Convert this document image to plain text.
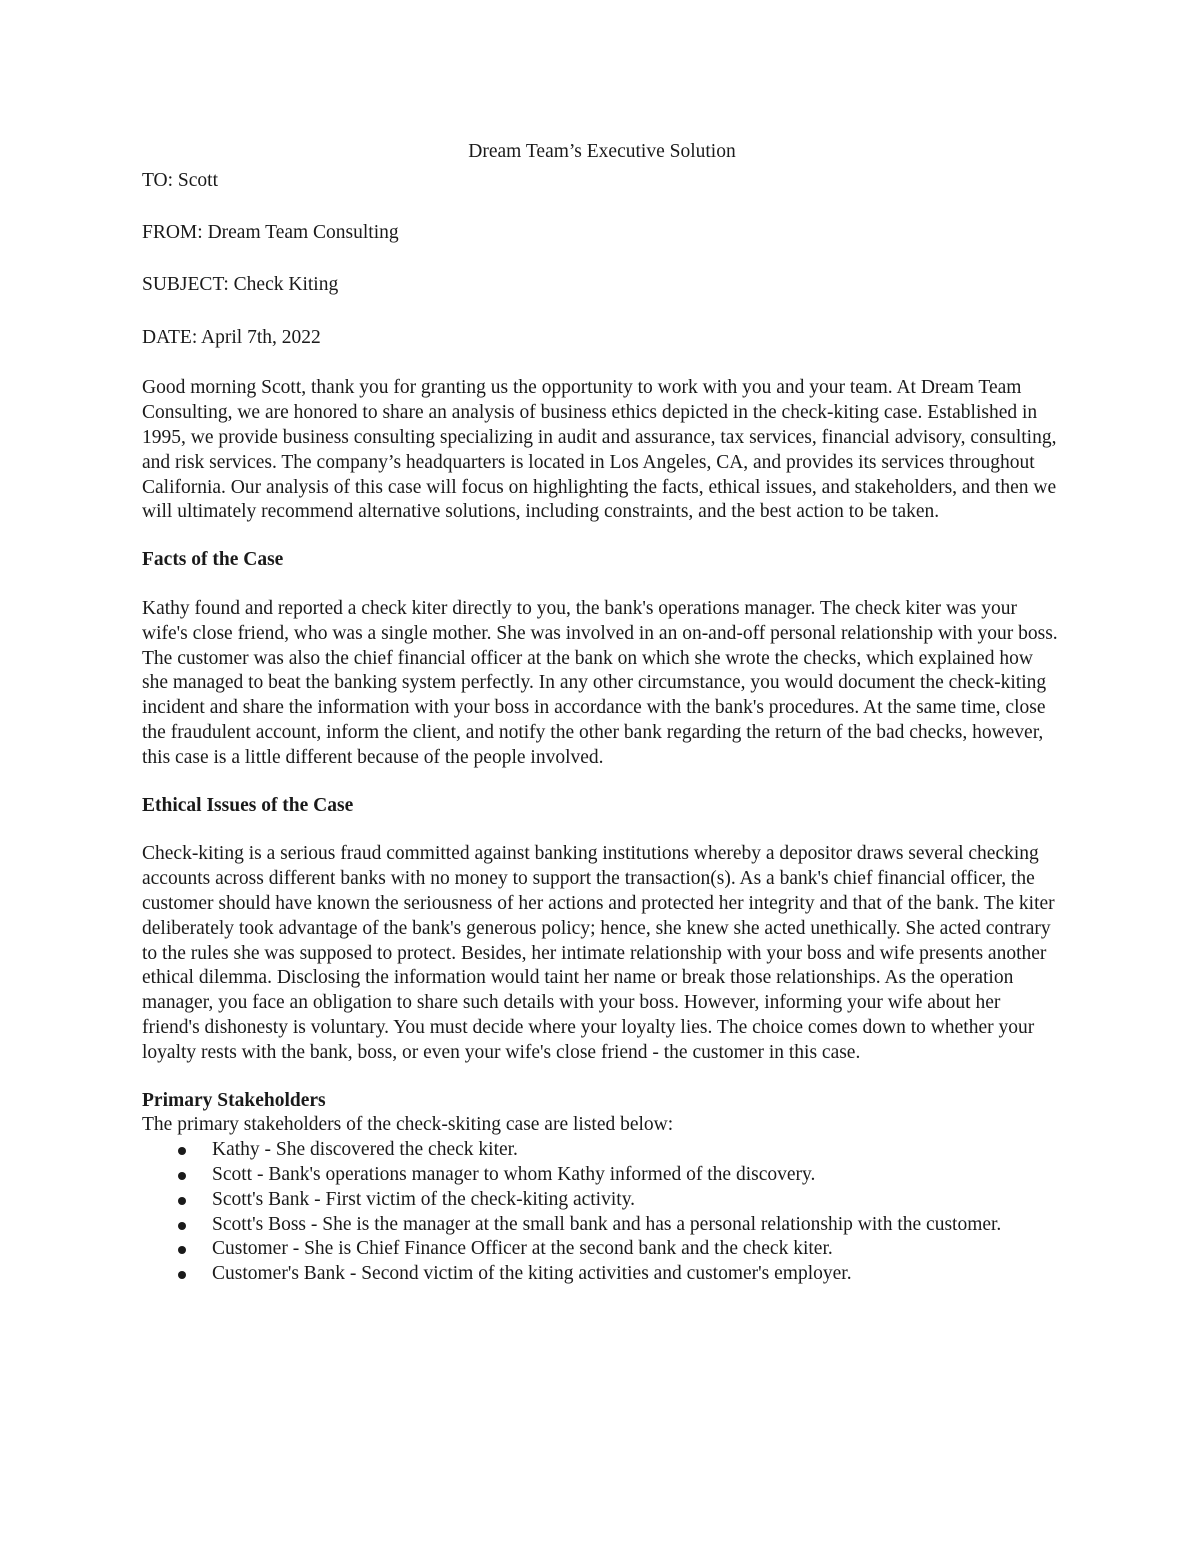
Dream Team’s Executive Solution
TO: Scott
FROM: Dream Team Consulting
SUBJECT: Check Kiting
DATE: April 7th, 2022

Good morning Scott, thank you for granting us the opportunity to work with you and your team. At Dream Team Consulting, we are honored to share an analysis of business ethics depicted in the check-kiting case. Established in 1995, we provide business consulting specializing in audit and assurance, tax services, financial advisory, consulting, and risk services. The company’s headquarters is located in Los Angeles, CA, and provides its services throughout California. Our analysis of this case will focus on highlighting the facts, ethical issues, and stakeholders, and then we will ultimately recommend alternative solutions, including constraints, and the best action to be taken.

Facts of the Case

Kathy found and reported a check kiter directly to you, the bank's operations manager. The check kiter was your wife's close friend, who was a single mother. She was involved in an on-and-off personal relationship with your boss. The customer was also the chief financial officer at the bank on which she wrote the checks, which explained how she managed to beat the banking system perfectly. In any other circumstance, you would document the check-kiting incident and share the information with your boss in accordance with the bank's procedures. At the same time, close the fraudulent account, inform the client, and notify the other bank regarding the return of the bad checks, however, this case is a little different because of the people involved.

Ethical Issues of the Case

Check-kiting is a serious fraud committed against banking institutions whereby a depositor draws several checking accounts across different banks with no money to support the transaction(s). As a bank's chief financial officer, the customer should have known the seriousness of her actions and protected her integrity and that of the bank. The kiter deliberately took advantage of the bank's generous policy; hence, she knew she acted unethically. She acted contrary to the rules she was supposed to protect. Besides, her intimate relationship with your boss and wife presents another ethical dilemma. Disclosing the information would taint her name or break those relationships. As the operation manager, you face an obligation to share such details with your boss. However, informing your wife about her friend's dishonesty is voluntary. You must decide where your loyalty lies. The choice comes down to whether your loyalty rests with the bank, boss, or even your wife's close friend - the customer in this case.

Primary Stakeholders

The primary stakeholders of the check-skiting case are listed below:

Kathy - She discovered the check kiter.
Scott - Bank's operations manager to whom Kathy informed of the discovery.
Scott's Bank - First victim of the check-kiting activity.
Scott's Boss - She is the manager at the small bank and has a personal relationship with the customer.
Customer - She is Chief Finance Officer at the second bank and the check kiter.
Customer's Bank - Second victim of the kiting activities and customer's employer.
